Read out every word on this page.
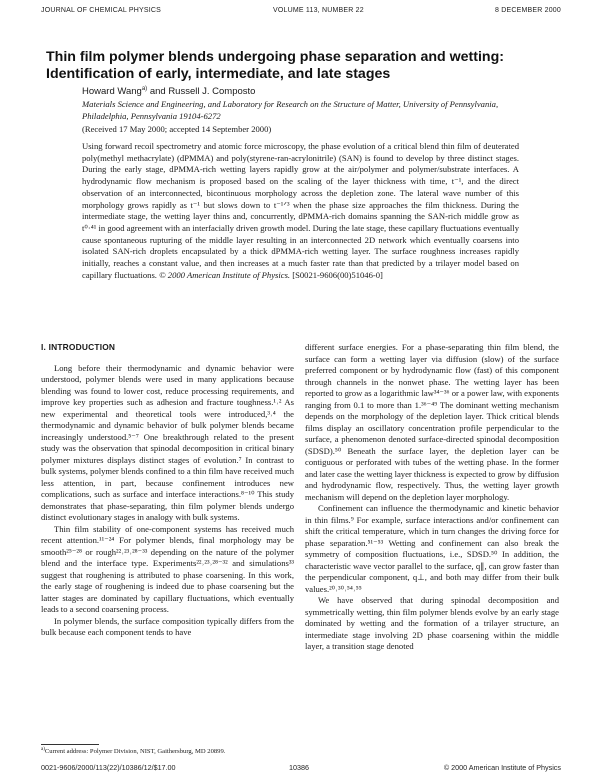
JOURNAL OF CHEMICAL PHYSICS	VOLUME 113, NUMBER 22	8 DECEMBER 2000
Thin film polymer blends undergoing phase separation and wetting: Identification of early, intermediate, and late stages
Howard Wang$^{a)}$ and Russell J. Composto
Materials Science and Engineering, and Laboratory for Research on the Structure of Matter, University of Pennsylvania, Philadelphia, Pennsylvania 19104-6272
(Received 17 May 2000; accepted 14 September 2000)
Using forward recoil spectrometry and atomic force microscopy, the phase evolution of a critical blend thin film of deuterated poly(methyl methacrylate) (dPMMA) and poly(styrene-ran-acrylonitrile) (SAN) is found to develop by three distinct stages. During the early stage, dPMMA-rich wetting layers rapidly grow at the air/polymer and polymer/substrate interfaces. A hydrodynamic flow mechanism is proposed based on the scaling of the layer thickness with time, t⁻¹, and the direct observation of an interconnected, bicontinuous morphology across the depletion zone. The lateral wave number of this morphology grows rapidly as t⁻¹ but slows down to t⁻¹ᐟ³ when the phase size approaches the film thickness. During the intermediate stage, the wetting layer thins and, concurrently, dPMMA-rich domains spanning the SAN-rich middle grow as t⁰·⁴¹ in good agreement with an interfacially driven growth model. During the late stage, these capillary fluctuations eventually cause spontaneous rupturing of the middle layer resulting in an interconnected 2D network which eventually coarsens into isolated SAN-rich droplets encapsulated by a thick dPMMA-rich wetting layer. The surface roughness increases rapidly initially, reaches a constant value, and then increases at a much faster rate than that predicted by a trilayer model based on capillary fluctuations. © 2000 American Institute of Physics. [S0021-9606(00)51046-0]
I. INTRODUCTION

Long before their thermodynamic and dynamic behavior were understood, polymer blends were used in many applications because blending was found to lower cost, reduce processing requirements, and improve key properties such as adhesion and fracture toughness.¹˒² As new experimental and theoretical tools were introduced,³˒⁴ the thermodynamic and dynamic behavior of bulk polymer blends became increasingly understood.⁵⁻⁷ One breakthrough related to the present study was the observation that spinodal decomposition in critical binary polymer mixtures displays distinct stages of evolution.⁷ In contrast to bulk systems, polymer blends confined to a thin film have received much less attention, in part, because confinement introduces new complications, such as surface and interface interactions.⁸⁻¹⁰ This study demonstrates that phase-separating, thin film polymer blends undergo distinct evolutionary stages in analogy with bulk systems.

Thin film stability of one-component systems has received much recent attention.¹¹⁻²⁴ For polymer blends, final morphology may be smooth²⁵⁻²⁸ or rough²²˒²³˒²⁸⁻³³ depending on the nature of the polymer blend and the interface type. Experiments²²˒²³˒²⁸⁻³² and simulations³³ suggest that roughening is attributed to phase coarsening. In this work, the early stage of roughening is indeed due to phase coarsening but the latter stages are dominated by capillary fluctuations, which eventually leads to a second coarsening process.

In polymer blends, the surface composition typically differs from the bulk because each component tends to have

different surface energies. For a phase-separating thin film blend, the surface can form a wetting layer via diffusion (slow) of the surface preferred component or by hydrodynamic flow (fast) of this component through channels in the nonwet phase. The wetting layer has been reported to grow as a logarithmic law³⁴⁻³⁶ or a power law, with exponents ranging from 0.1 to more than 1.³⁶⁻⁴⁹ The dominant wetting mechanism depends on the morphology of the depletion layer. Thick critical blends films display an oscillatory concentration profile perpendicular to the surface, a phenomenon denoted surface-directed spinodal decomposition (SDSD).⁵⁰ Beneath the surface layer, the depletion layer can be contiguous or perforated with tubes of the wetting phase. In the former and later case the wetting layer thickness is expected to grow by diffusion and hydrodynamic flow, respectively. Thus, the wetting layer growth mechanism will depend on the depletion layer morphology.

Confinement can influence the thermodynamic and kinetic behavior in thin films.⁹ For example, surface interactions and/or confinement can shift the critical temperature, which in turn changes the driving force for phase separation.⁵¹⁻⁵³ Wetting and confinement can also break the symmetry of composition fluctuations, i.e., SDSD.⁵⁰ In addition, the characteristic wave vector parallel to the surface, q∥, can grow faster than the perpendicular component, q⊥, and both may differ from their bulk values.²⁰˒³⁰˒⁵⁴˒⁵⁵

We have observed that during spinodal decomposition and symmetrically wetting, thin film polymer blends evolve by an early stage dominated by wetting and the formation of a trilayer structure, an intermediate stage involving 2D phase coarsening within the middle layer, a transition stage denoted

$^{a)}$Current address: Polymer Division, NIST, Gaithersburg, MD 20899.
0021-9606/2000/113(22)/10386/12/$17.00	10386	© 2000 American Institute of Physics
